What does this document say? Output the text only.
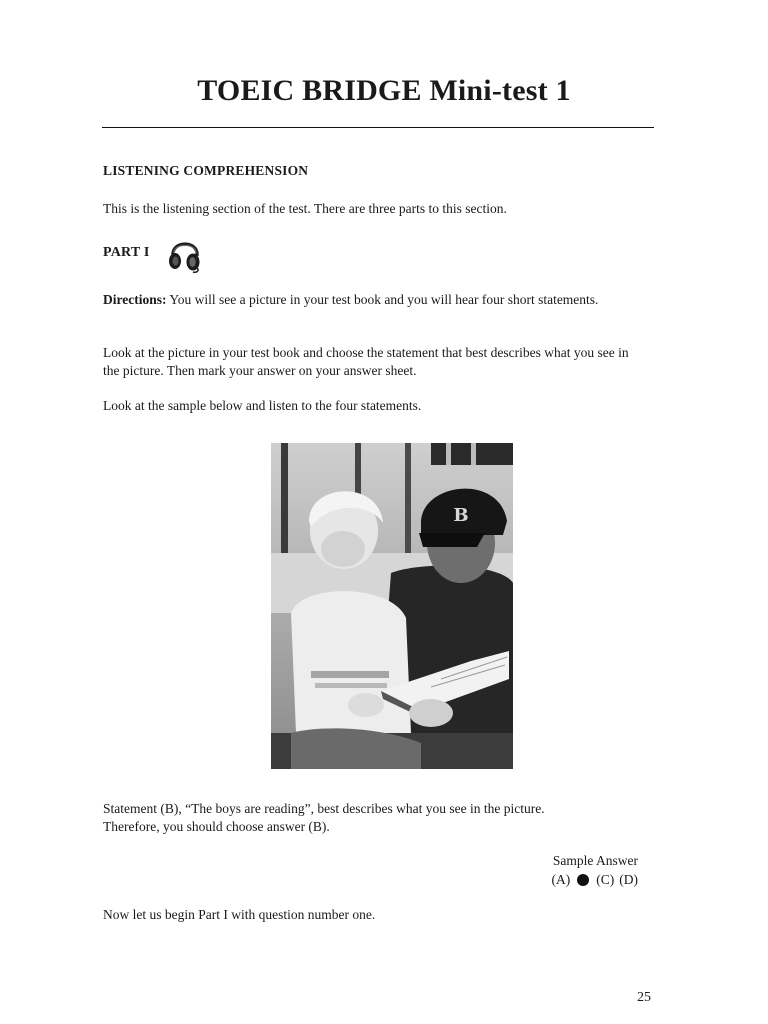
TOEIC BRIDGE Mini-test 1
LISTENING COMPREHENSION

This is the listening section of the test. There are three parts to this section.

PART I

Directions: You will see a picture in your test book and you will hear four short statements.

Look at the picture in your test book and choose the statement that best describes what you see in the picture. Then mark your answer on your answer sheet.

Look at the sample below and listen to the four statements.

B

Statement (B), “The boys are reading”, best describes what you see in the picture.
Therefore, you should choose answer (B).

Sample Answer
(A) (C) (D)

Now let us begin Part I with question number one.

25
